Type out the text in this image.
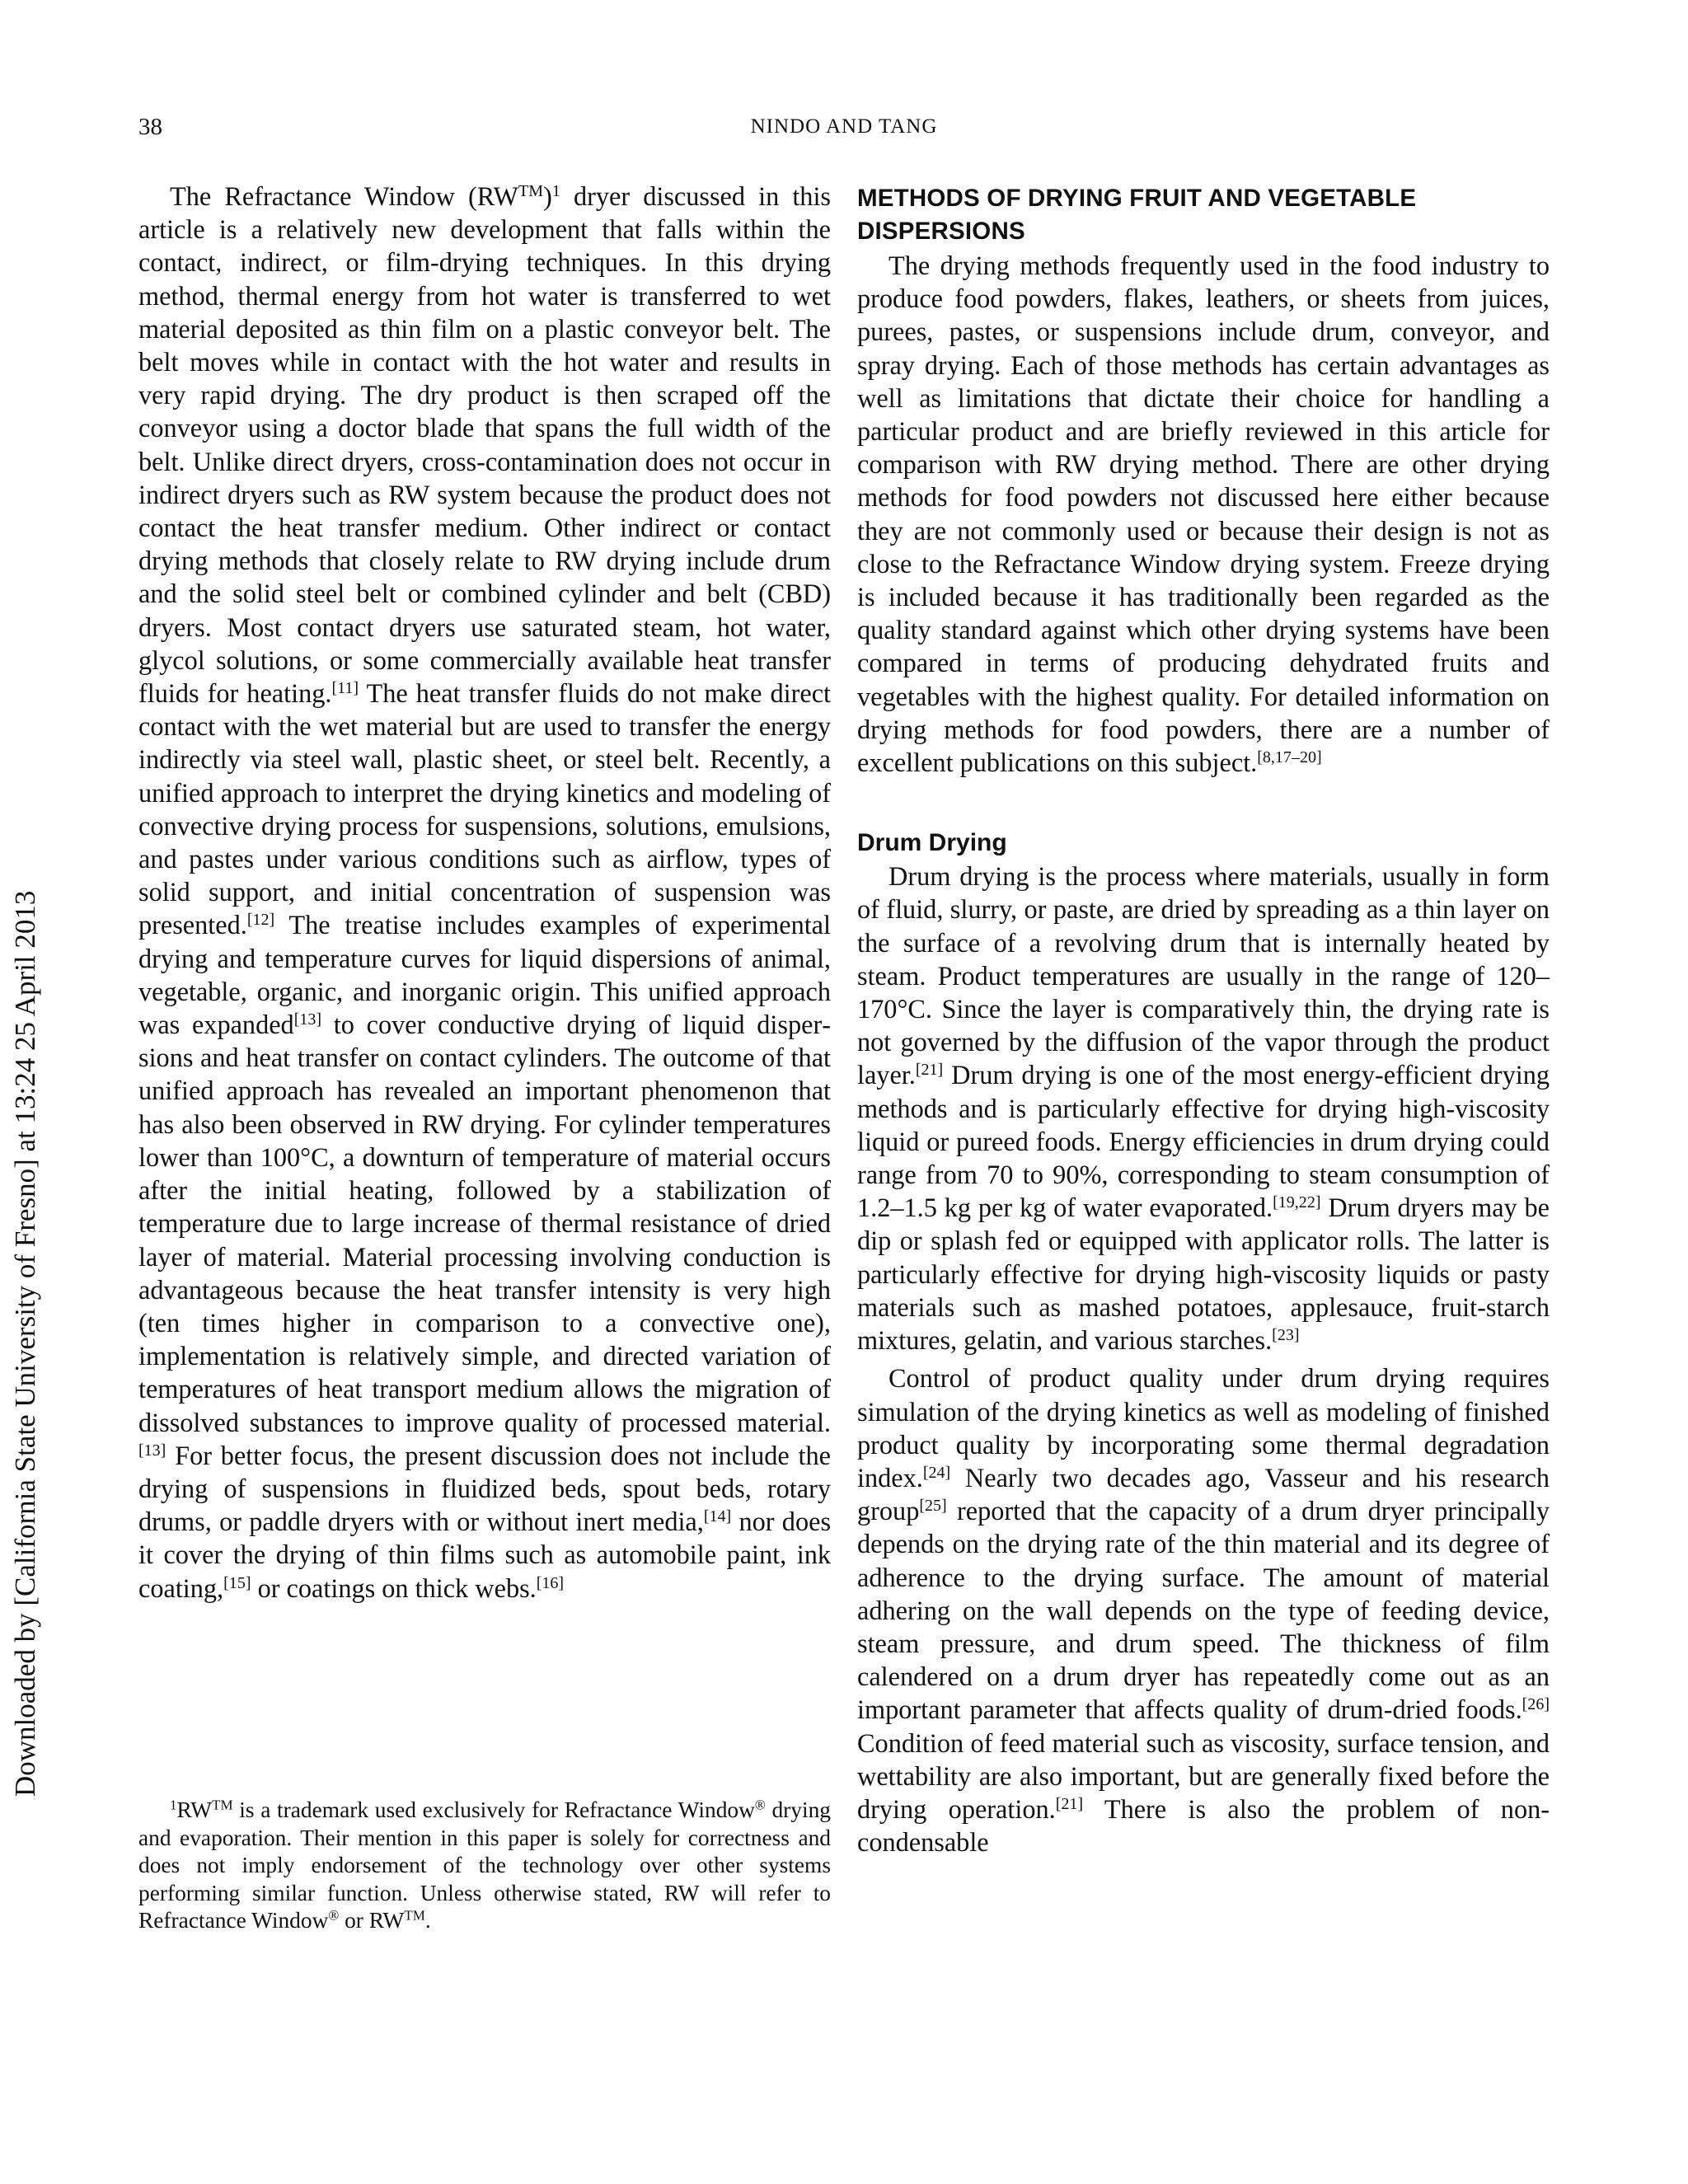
38	NINDO AND TANG
Downloaded by [California State University of Fresno] at 13:24 25 April 2013

The Refractance Window $(RW™)^1$ dryer discussed in this article is a relatively new development that falls within the contact, indirect, or film-drying techniques. In this drying method, thermal energy from hot water is transferred to wet material deposited as thin film on a plastic conveyor belt. The belt moves while in contact with the hot water and results in very rapid drying. The dry product is then scraped off the conveyor using a doctor blade that spans the full width of the belt. Unlike direct dryers, cross-contamination does not occur in indirect dryers such as RW system because the product does not contact the heat transfer medium. Other indirect or contact drying methods that closely relate to RW drying include drum and the solid steel belt or combined cylinder and belt (CBD) dryers. Most contact dryers use saturated steam, hot water, glycol solutions, or some commercially available heat transfer fluids for heating.[11] The heat transfer fluids do not make direct contact with the wet material but are used to transfer the energy indirectly via steel wall, plastic sheet, or steel belt. Recently, a unified approach to interpret the drying kinetics and modeling of convective drying process for suspensions, solutions, emulsions, and pastes under various conditions such as airflow, types of solid support, and initial concentration of suspension was presented.[12] The treatise includes examples of experimental drying and temperature curves for liquid dispersions of animal, vegetable, organic, and inorganic origin. This unified approach was expanded[13] to cover conductive drying of liquid dispersions and heat transfer on contact cylinders. The outcome of that unified approach has revealed an important phenomenon that has also been observed in RW drying. For cylinder temperatures lower than 100°C, a downturn of temperature of material occurs after the initial heating, followed by a stabilization of temperature due to large increase of thermal resistance of dried layer of material. Material processing involving conduction is advantageous because the heat transfer intensity is very high (ten times higher in comparison to a convective one), implementation is relatively simple, and directed variation of temperatures of heat transport medium allows the migration of dissolved substances to improve quality of processed material.[13] For better focus, the present discussion does not include the drying of suspensions in fluidized beds, spout beds, rotary drums, or paddle dryers with or without inert media,[14] nor does it cover the drying of thin films such as automobile paint, ink coating,[15] or coatings on thick webs.[16]

$^1$RW™ is a trademark used exclusively for Refractance Window® drying and evaporation. Their mention in this paper is solely for correctness and does not imply endorsement of the technology over other systems performing similar function. Unless otherwise stated, RW will refer to Refractance Window® or RW™.
METHODS OF DRYING FRUIT AND VEGETABLE DISPERSIONS

The drying methods frequently used in the food industry to produce food powders, flakes, leathers, or sheets from juices, purees, pastes, or suspensions include drum, conveyor, and spray drying. Each of those methods has certain advantages as well as limitations that dictate their choice for handling a particular product and are briefly reviewed in this article for comparison with RW drying method. There are other drying methods for food powders not discussed here either because they are not commonly used or because their design is not as close to the Refractance Window drying system. Freeze drying is included because it has traditionally been regarded as the quality standard against which other drying systems have been compared in terms of producing dehydrated fruits and vegetables with the highest quality. For detailed information on drying methods for food powders, there are a number of excellent publications on this subject.[8,17–20]

Drum Drying

Drum drying is the process where materials, usually in form of fluid, slurry, or paste, are dried by spreading as a thin layer on the surface of a revolving drum that is internally heated by steam. Product temperatures are usually in the range of 120–170°C. Since the layer is comparatively thin, the drying rate is not governed by the diffusion of the vapor through the product layer.[21] Drum drying is one of the most energy-efficient drying methods and is particularly effective for drying high-viscosity liquid or pureed foods. Energy efficiencies in drum drying could range from 70 to 90%, corresponding to steam consumption of 1.2–1.5 kg per kg of water evaporated.[19,22] Drum dryers may be dip or splash fed or equipped with applicator rolls. The latter is particularly effective for drying high-viscosity liquids or pasty materials such as mashed potatoes, applesauce, fruit-starch mixtures, gelatin, and various starches.[23]

Control of product quality under drum drying requires simulation of the drying kinetics as well as modeling of finished product quality by incorporating some thermal degradation index.[24] Nearly two decades ago, Vasseur and his research group[25] reported that the capacity of a drum dryer principally depends on the drying rate of the thin material and its degree of adherence to the drying surface. The amount of material adhering on the wall depends on the type of feeding device, steam pressure, and drum speed. The thickness of film calendered on a drum dryer has repeatedly come out as an important parameter that affects quality of drum-dried foods.[26] Condition of feed material such as viscosity, surface tension, and wettability are also important, but are generally fixed before the drying operation.[21] There is also the problem of non-condensable
